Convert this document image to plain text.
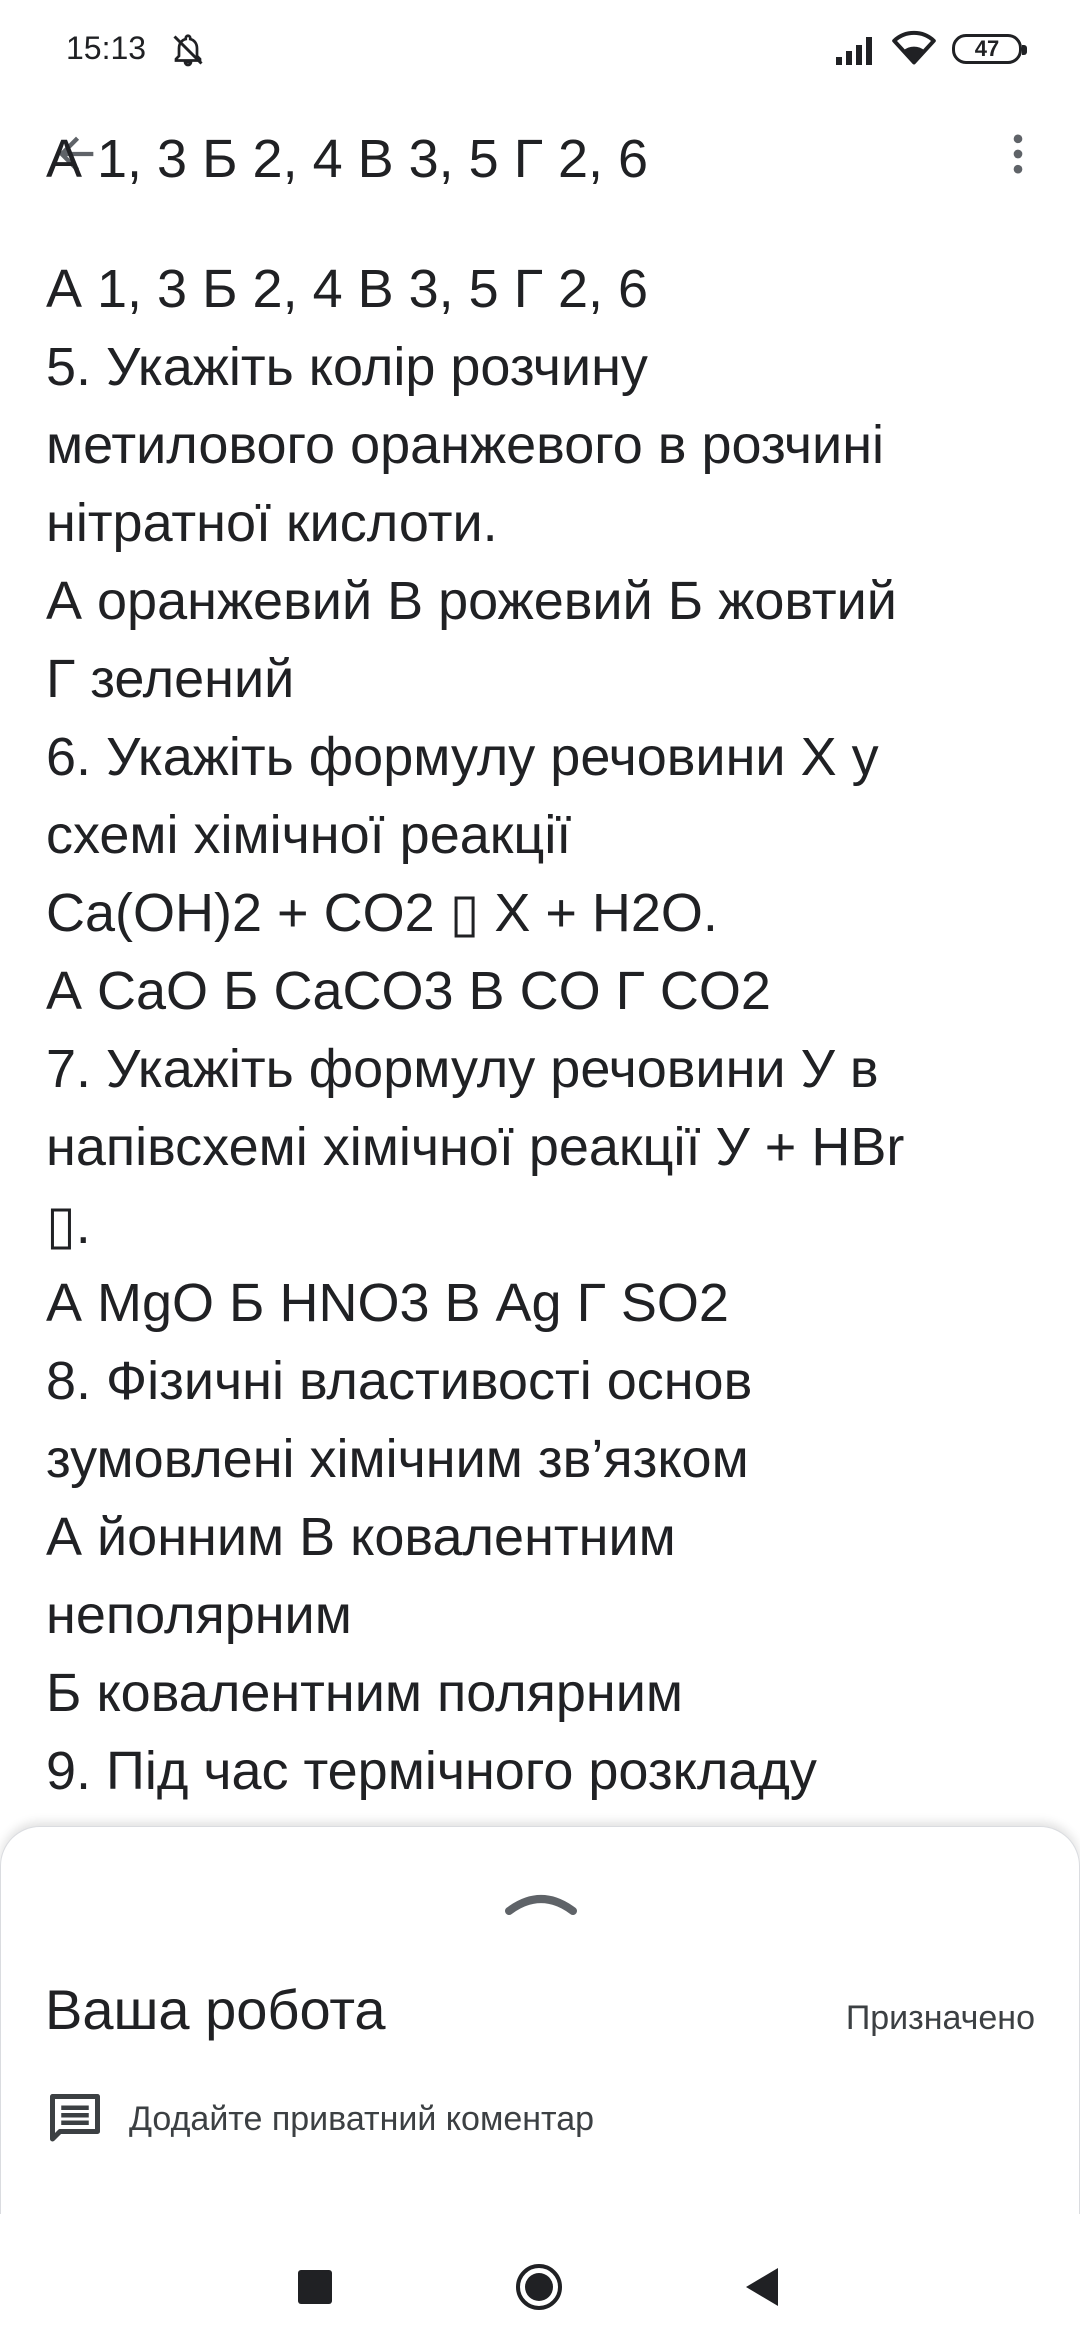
15:13	47
А 1, 3 Б 2, 4 В 3, 5 Г 2, 6
А 1, 3 Б 2, 4 В 3, 5 Г 2, 6
5. Укажіть колір розчину
метилового оранжевого в розчині
нітратної кислоти.
А оранжевий В рожевий Б жовтий
Г зелений
6. Укажіть формулу речовини Х у
схемі хімічної реакції
Ca(OH)2 + CO2 ▯ X + H2O.
А CaO Б CaCO3 В CO Г CO2
7. Укажіть формулу речовини У в
напівсхемі хімічної реакції У + HBr
▯.
А MgO Б HNO3 В Ag Г SO2
8. Фізичні властивості основ
зумовлені хімічним зв’язком
А йонним В ковалентним
неполярним
Б ковалентним полярним
9. Під час термічного розкладу
Ваша робота	Призначено
Додайте приватний коментар
